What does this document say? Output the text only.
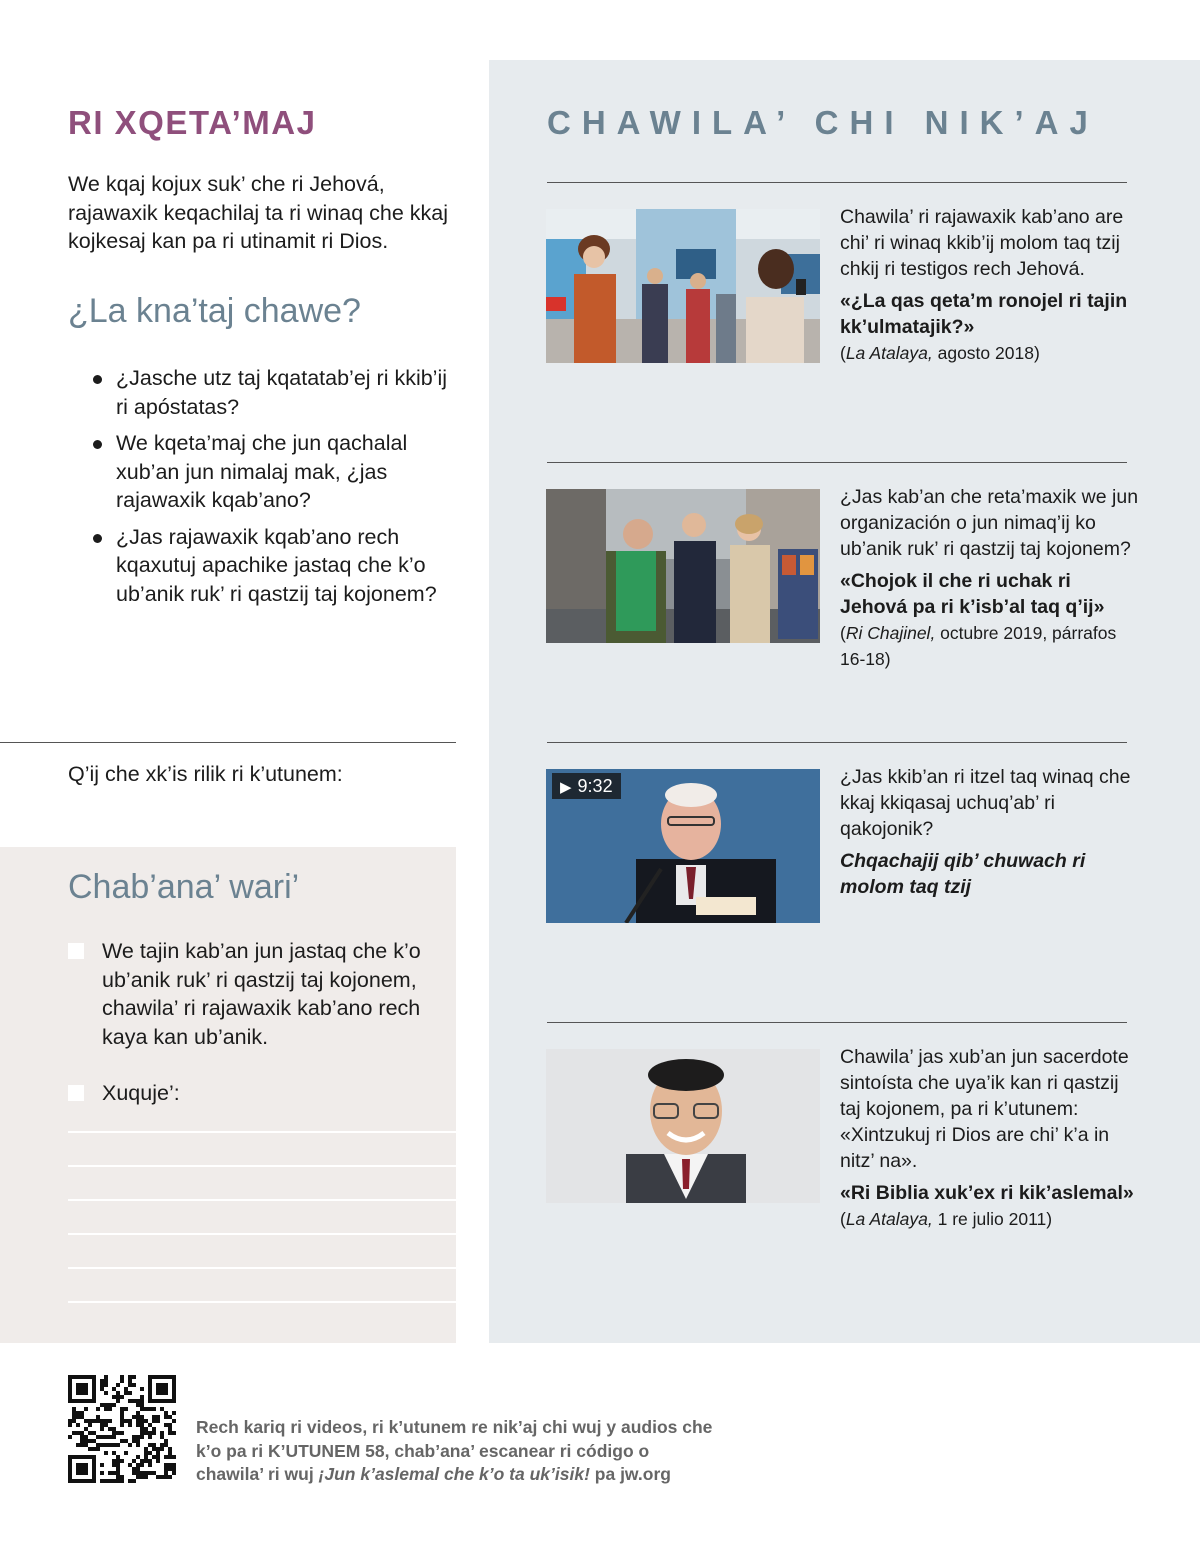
RI XQETA’MAJ

We kqaj kojux suk’ che ri Jehová, rajawaxik keqachilaj ta ri winaq che kkaj kojkesaj kan pa ri utinamit ri Dios.

¿La kna’taj chawe?
¿Jasche utz taj kqatatab’ej ri kkib’ij ri apóstatas?
We kqeta’maj che jun qachalal xub’an jun nimalaj mak, ¿jas rajawaxik kqab’ano?
¿Jas rajawaxik kqab’ano rech kqaxutuj apachike jastaq che k’o ub’anik ruk’ ri qastzij taj kojonem?

Q’ij che xk’is rilik ri k’utunem:

Chab’ana’ wari’
We tajin kab’an jun jastaq che k’o ub’anik ruk’ ri qastzij taj kojonem, chawila’ ri rajawaxik kab’ano rech kaya kan ub’anik.
Xuquje’:
CHAWILA’ CHI NIK’AJ
Chawila’ ri rajawaxik kab’ano are chi’ ri winaq kkib’ij molom taq tzij chkij ri testigos rech Jehová.
«¿La qas qeta’m ronojel ri tajin kk’ulmatajik?»
(La Atalaya, agosto 2018)
¿Jas kab’an che reta’maxik we jun organización o jun nimaq’ij ko ub’anik ruk’ ri qastzij taj kojonem?
«Chojok il che ri uchak ri Jehová pa ri k’isb’al taq q’ij»
(Ri Chajinel, octubre 2019, párrafos 16-18)
▶ 9:32	¿Jas kkib’an ri itzel taq winaq che kkaj kkiqasaj uchuq’ab’ ri qakojonik?
Chqachajij qib’ chuwach ri molom taq tzij
Chawila’ jas xub’an jun sacerdote sintoísta che uya’ik kan ri qastzij taj kojonem, pa ri k’utunem: «Xintzukuj ri Dios are chi’ k’a in nitz’ na».
«Ri Biblia xuk’ex ri kik’aslemal»
(La Atalaya, 1 re julio 2011)

Rech kariq ri videos, ri k’utunem re nik’aj chi wuj y audios che k’o pa ri K’UTUNEM 58, chab’ana’ escanear ri código o chawila’ ri wuj ¡Jun k’aslemal che k’o ta uk’isik! pa jw.org
